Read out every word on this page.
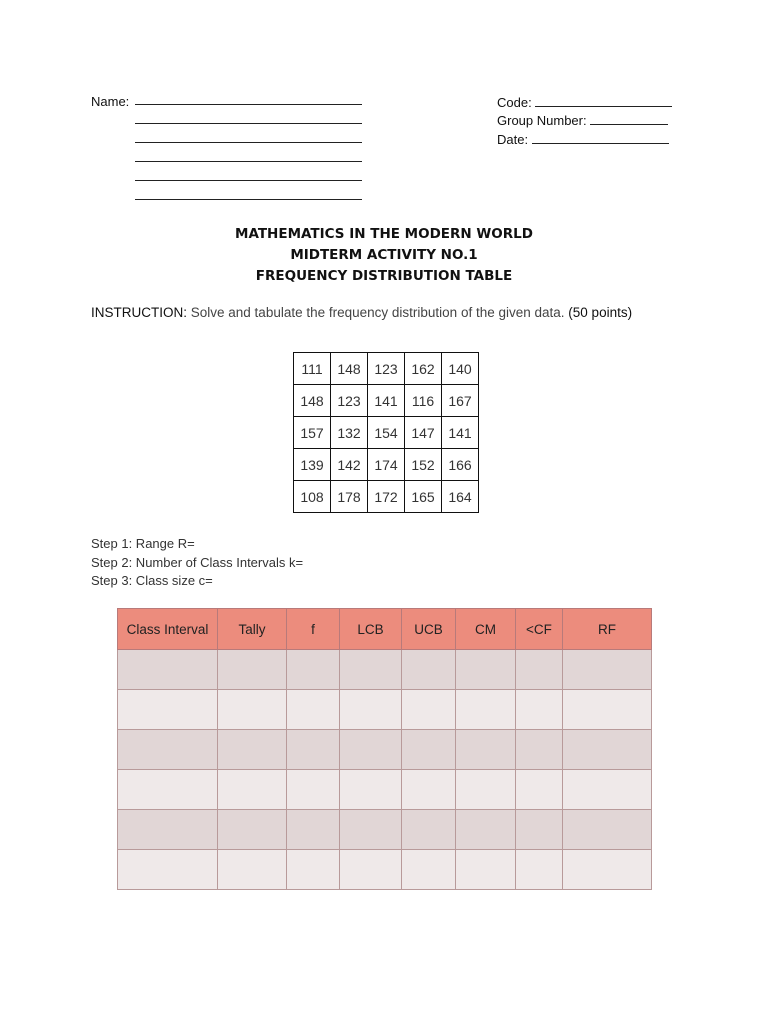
Name:	Code:
Group Number:
Date:
MATHEMATICS IN THE MODERN WORLD
MIDTERM ACTIVITY NO.1
FREQUENCY DISTRIBUTION TABLE
INSTRUCTION: Solve and tabulate the frequency distribution of the given data. (50 points)
111	148	123	162	140
148	123	141	116	167
157	132	154	147	141
139	142	174	152	166
108	178	172	165	164
Step 1: Range R=
Step 2: Number of Class Intervals k=
Step 3: Class size c=
Class Interval	Tally	f	LCB	UCB	CM	<CF	RF
